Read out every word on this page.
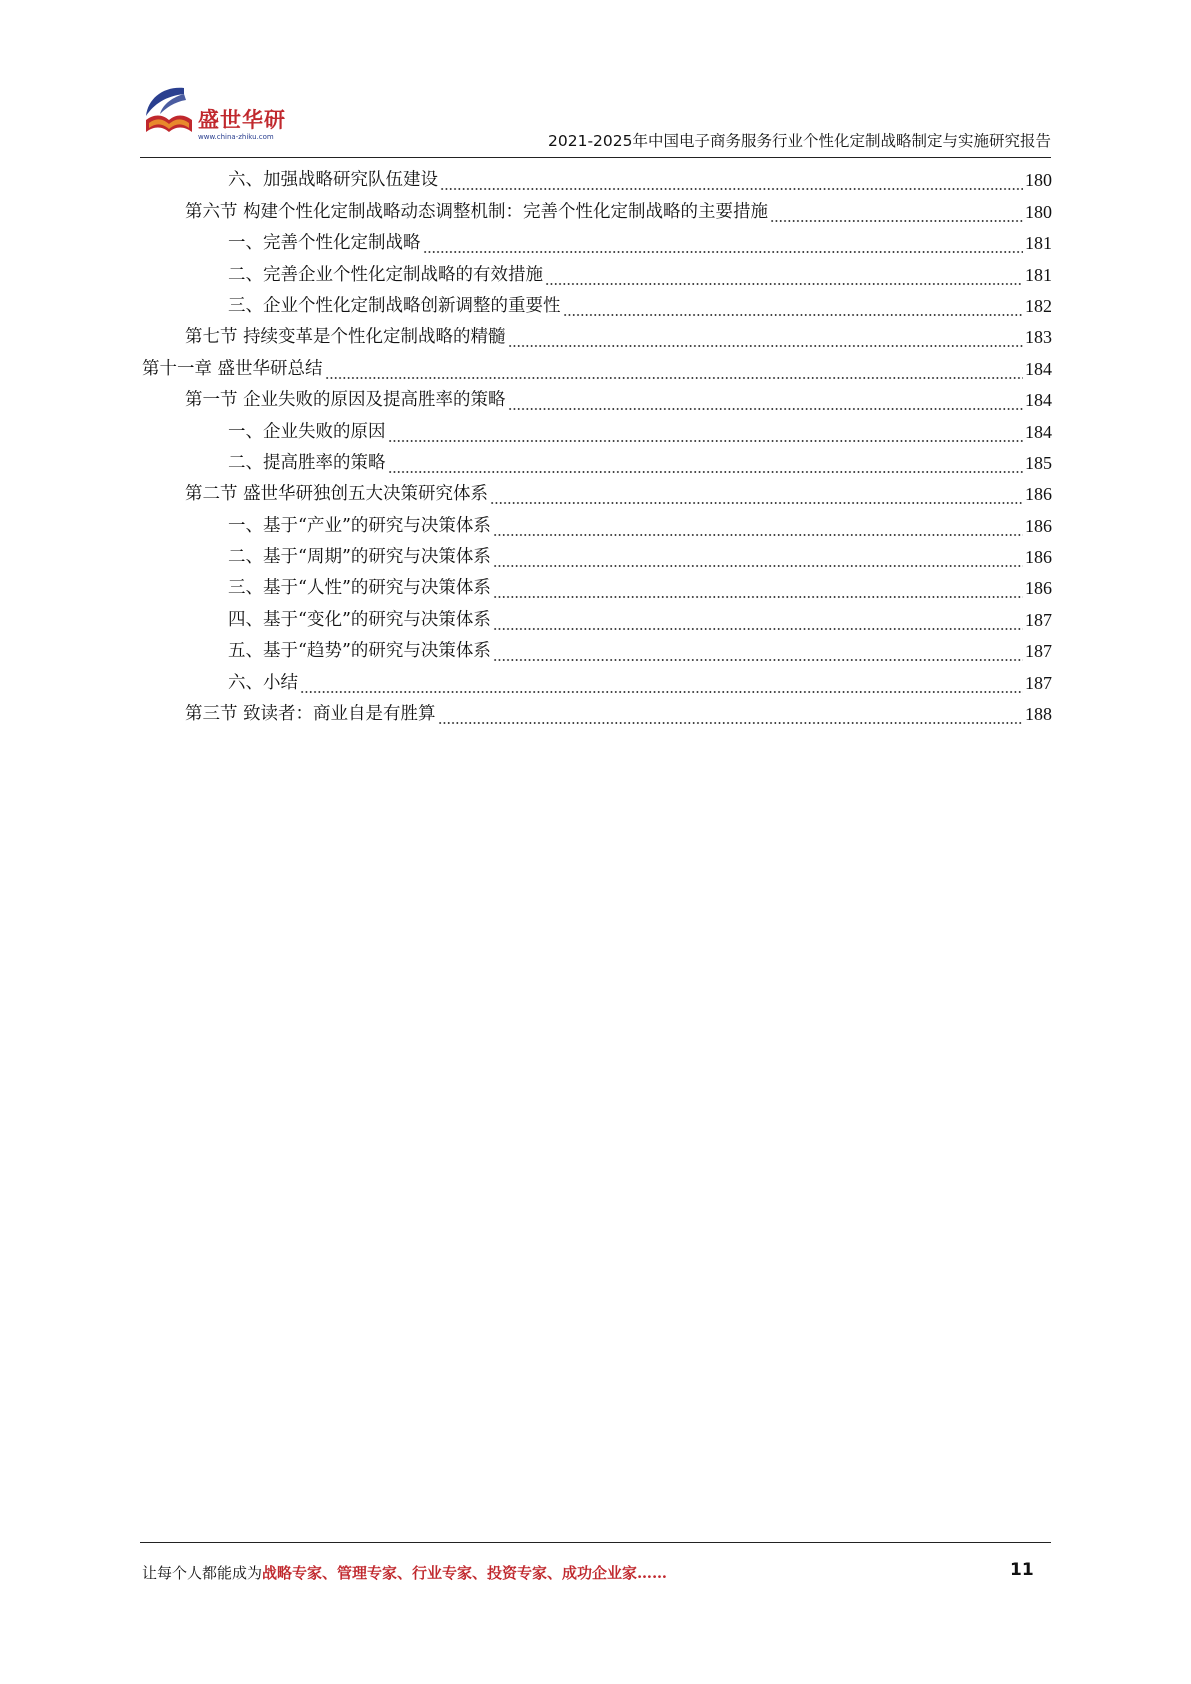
盛世华研
www.china-zhiku.com	2021-2025年中国电子商务服务行业个性化定制战略制定与实施研究报告
六、加强战略研究队伍建设	180
第六节 构建个性化定制战略动态调整机制：完善个性化定制战略的主要措施	180
一、完善个性化定制战略	181
二、完善企业个性化定制战略的有效措施	181
三、企业个性化定制战略创新调整的重要性	182
第七节 持续变革是个性化定制战略的精髓	183
第十一章 盛世华研总结	184
第一节 企业失败的原因及提高胜率的策略	184
一、企业失败的原因	184
二、提高胜率的策略	185
第二节 盛世华研独创五大决策研究体系	186
一、基于“产业”的研究与决策体系	186
二、基于“周期”的研究与决策体系	186
三、基于“人性”的研究与决策体系	186
四、基于“变化”的研究与决策体系	187
五、基于“趋势”的研究与决策体系	187
六、小结	187
第三节 致读者：商业自是有胜算	188
让每个人都能成为战略专家、管理专家、行业专家、投资专家、成功企业家……	11
